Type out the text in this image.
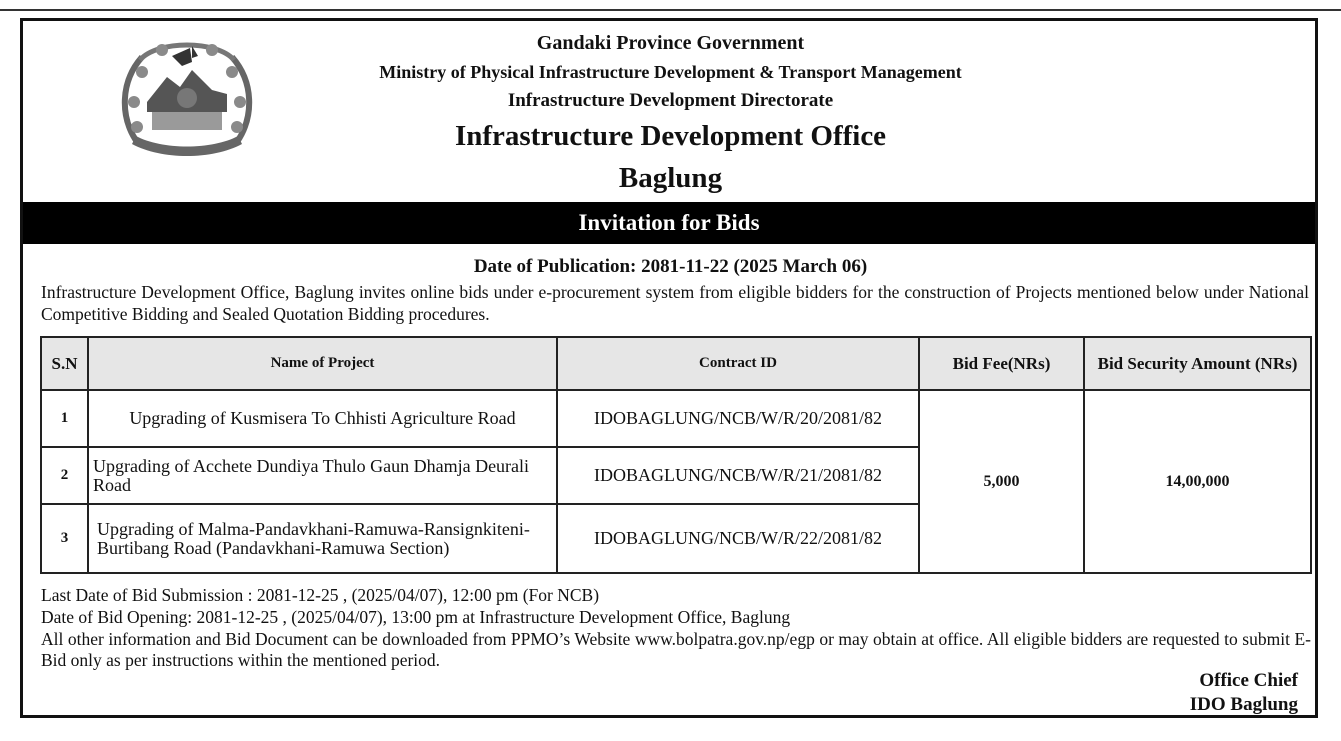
Gandaki Province Government
Ministry of Physical Infrastructure Development & Transport Management
Infrastructure Development Directorate
Infrastructure Development Office
Baglung
Invitation for Bids
Date of Publication: 2081-11-22 (2025 March 06)
Infrastructure Development Office, Baglung invites online bids under e-procurement system from eligible bidders for the construction of Projects mentioned below under National Competitive Bidding and Sealed Quotation Bidding procedures.
S.N	Name of Project	Contract ID	Bid Fee(NRs)	Bid Security Amount (NRs)
1	Upgrading of Kusmisera To Chhisti Agriculture Road	IDOBAGLUNG/NCB/W/R/20/2081/82	5,000	14,00,000
2	Upgrading of Acchete Dundiya Thulo Gaun Dhamja Deurali Road	IDOBAGLUNG/NCB/W/R/21/2081/82		
3	Upgrading of Malma-Pandavkhani-Ramuwa-Ransignkiteni-Burtibang Road (Pandavkhani-Ramuwa Section)	IDOBAGLUNG/NCB/W/R/22/2081/82		
Last Date of Bid Submission : 2081-12-25 , (2025/04/07), 12:00 pm (For NCB)
Date of Bid Opening: 2081-12-25 , (2025/04/07), 13:00 pm at Infrastructure Development Office, Baglung
All other information and Bid Document can be downloaded from PPMO’s Website www.bolpatra.gov.np/egp or may obtain at office. All eligible bidders are requested to submit E-Bid only as per instructions within the mentioned period.
Office Chief
IDO Baglung
